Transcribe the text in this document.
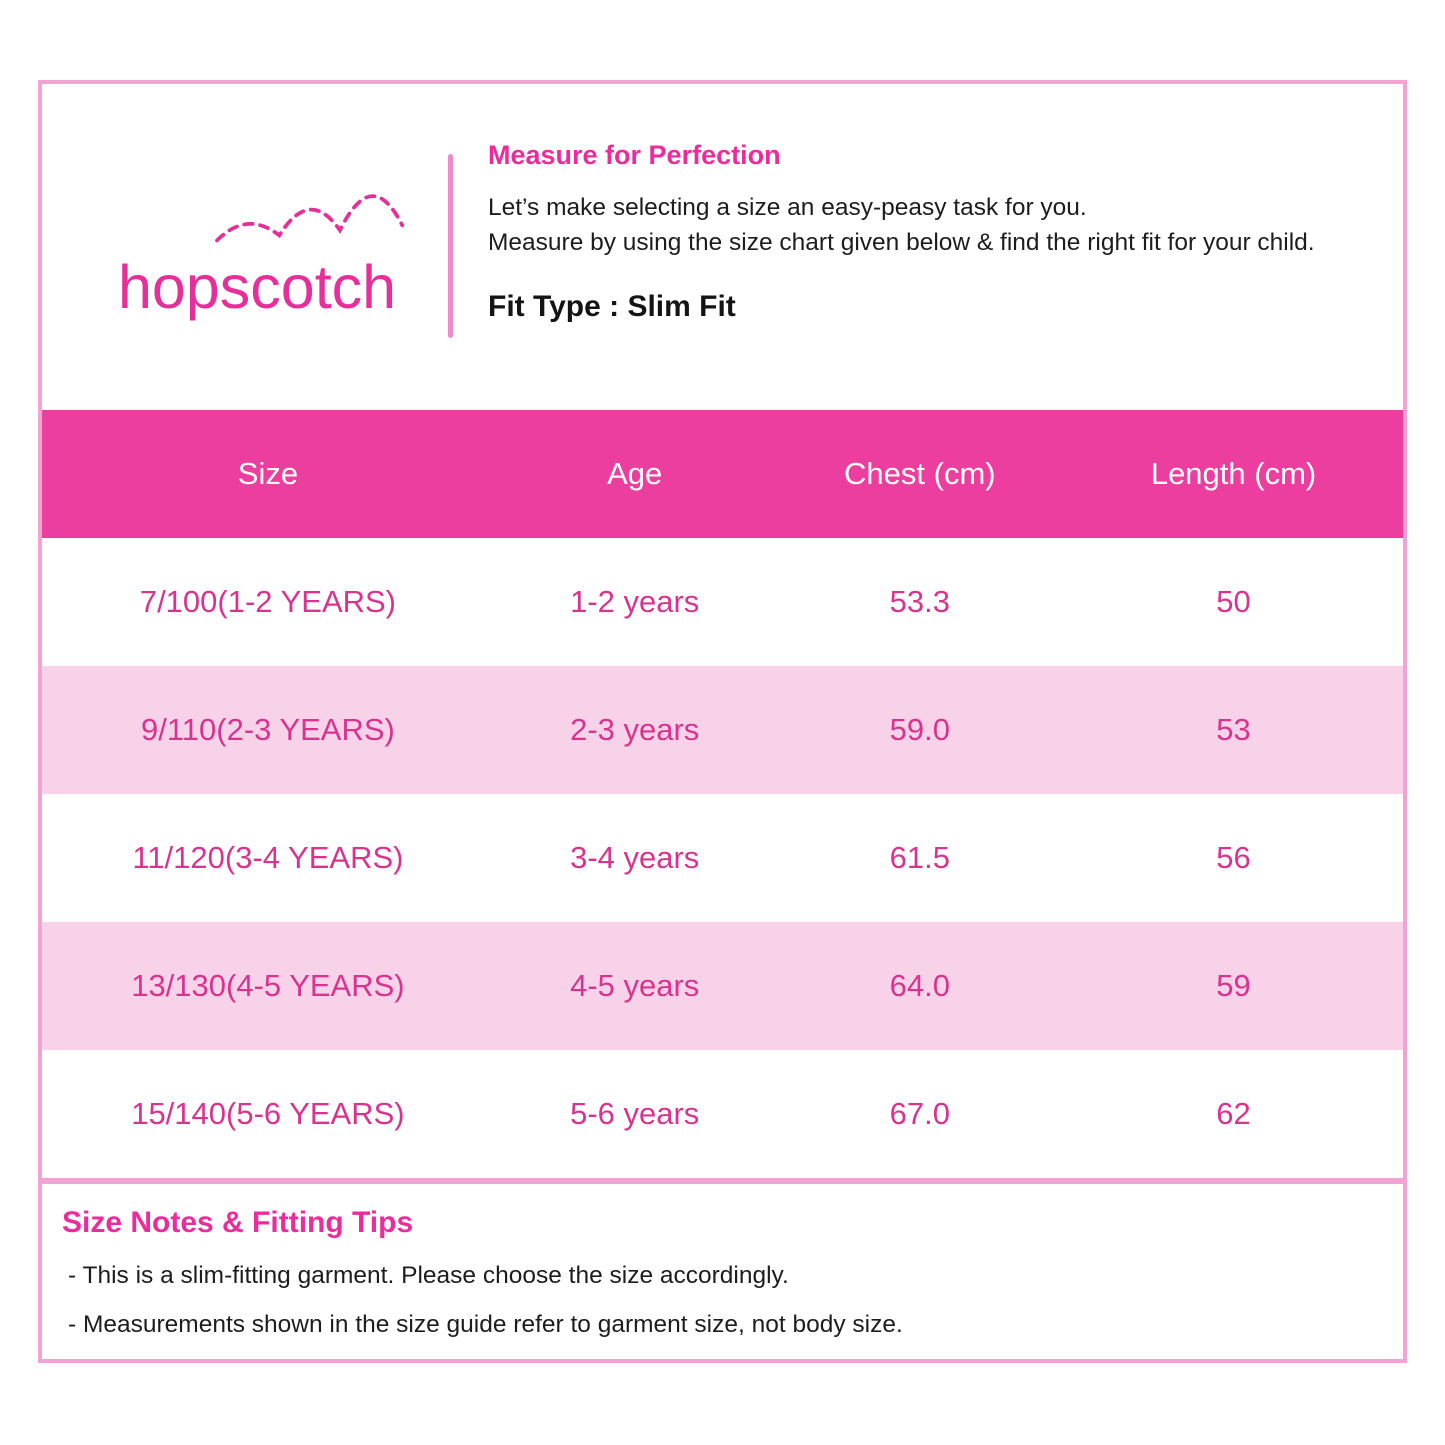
hopscotch
Measure for Perfection

Let’s make selecting a size an easy-peasy task for you.

Measure by using the size chart given below & find the right fit for your child.

Fit Type : Slim Fit

Size	Age	Chest (cm)	Length (cm)
7/100(1-2 YEARS)	1-2 years	53.3	50
9/110(2-3 YEARS)	2-3 years	59.0	53
11/120(3-4 YEARS)	3-4 years	61.5	56
13/130(4-5 YEARS)	4-5 years	64.0	59
15/140(5-6 YEARS)	5-6 years	67.0	62
Size Notes & Fitting Tips

- This is a slim-fitting garment. Please choose the size accordingly.

- Measurements shown in the size guide refer to garment size, not body size.
